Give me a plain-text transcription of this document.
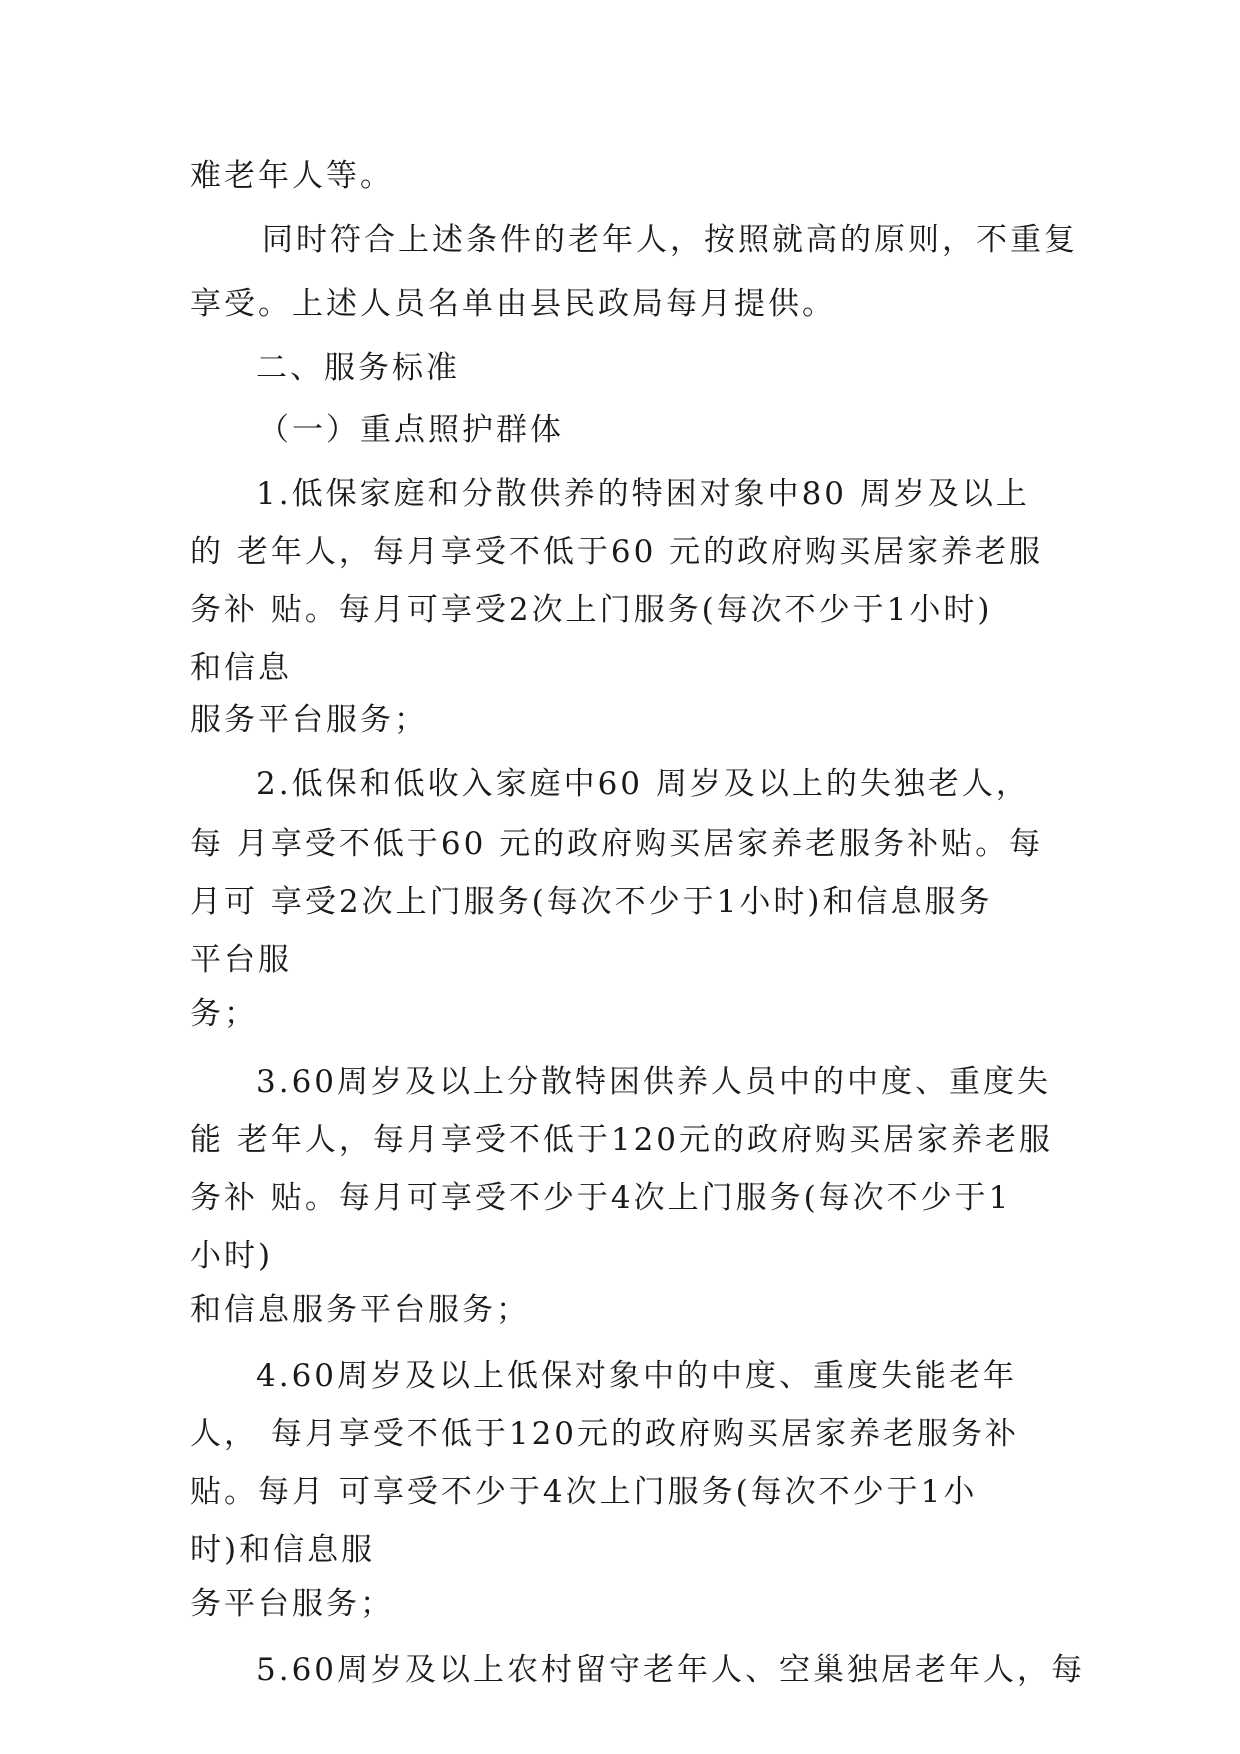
难老年人等。

同时符合上述条件的老年人，按照就高的原则，不重复

享受。上述人员名单由县民政局每月提供。

二、服务标准

（一）重点照护群体

1.低保家庭和分散供养的特困对象中80 周岁及以上

的 老年人，每月享受不低于60 元的政府购买居家养老服

务补 贴。每月可享受2次上门服务(每次不少于1小时)

和信息

服务平台服务；

2.低保和低收入家庭中60 周岁及以上的失独老人，

每 月享受不低于60 元的政府购买居家养老服务补贴。每

月可 享受2次上门服务(每次不少于1小时)和信息服务

平台服

务；

3.60周岁及以上分散特困供养人员中的中度、重度失

能 老年人，每月享受不低于120元的政府购买居家养老服

务补 贴。每月可享受不少于4次上门服务(每次不少于1

小时)

和信息服务平台服务；

4.60周岁及以上低保对象中的中度、重度失能老年

人， 每月享受不低于120元的政府购买居家养老服务补

贴。每月 可享受不少于4次上门服务(每次不少于1小

时)和信息服

务平台服务；

5.60周岁及以上农村留守老年人、空巢独居老年人，每
